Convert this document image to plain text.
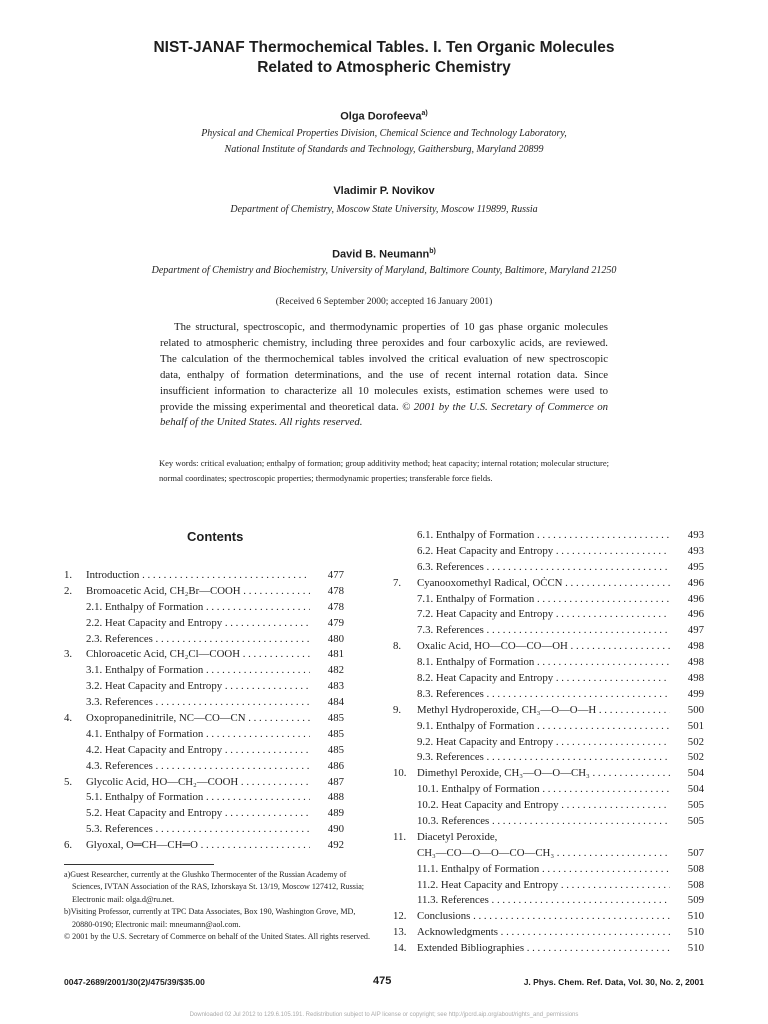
NIST-JANAF Thermochemical Tables. I. Ten Organic Molecules
Related to Atmospheric Chemistry
Olga Dorofeeva$^{a)}$
Physical and Chemical Properties Division, Chemical Science and Technology Laboratory,
National Institute of Standards and Technology, Gaithersburg, Maryland 20899
Vladimir P. Novikov
Department of Chemistry, Moscow State University, Moscow 119899, Russia
David B. Neumann$^{b)}$
Department of Chemistry and Biochemistry, University of Maryland, Baltimore County, Baltimore, Maryland 21250
(Received 6 September 2000; accepted 16 January 2001)
The structural, spectroscopic, and thermodynamic properties of 10 gas phase organic molecules related to atmospheric chemistry, including three peroxides and four carboxylic acids, are reviewed. The calculation of the thermochemical tables involved the critical evaluation of new spectroscopic data, enthalpy of formation determinations, and the use of recent internal rotation data. Since insufficient information to characterize all 10 molecules exists, estimation schemes were used to provide the missing experimental and theoretical data. © 2001 by the U.S. Secretary of Commerce on behalf of the United States. All rights reserved.
Key words: critical evaluation; enthalpy of formation; group additivity method; heat capacity; internal rotation; molecular structure; normal coordinates; spectroscopic properties; thermodynamic properties; transferable force fields.
Contents
1. Introduction . . .	477
2. Bromoacetic Acid, CH₂Br—COOH . . .	478
2.1. Enthalpy of Formation . . .	478
2.2. Heat Capacity and Entropy . . .	479
2.3. References . . .	480
3. Chloroacetic Acid, CH₂Cl—COOH . . .	481
3.1. Enthalpy of Formation . . .	482
3.2. Heat Capacity and Entropy . . .	483
3.3. References . . .	484
4. Oxopropanedinitrile, NC—CO—CN . . .	485
4.1. Enthalpy of Formation . . .	485
4.2. Heat Capacity and Entropy . . .	485
4.3. References . . .	486
5. Glycolic Acid, HO—CH₂—COOH . . .	487
5.1. Enthalpy of Formation . . .	488
5.2. Heat Capacity and Entropy . . .	489
5.3. References . . .	490
6. Glyoxal, O═CH—CH═O . . .	492
6.1. Enthalpy of Formation . . .	493
6.2. Heat Capacity and Entropy . . .	493
6.3. References . . .	495
7. Cyanooxomethyl Radical, OĊCN . . .	496
7.1. Enthalpy of Formation . . .	496
7.2. Heat Capacity and Entropy . . .	496
7.3. References . . .	497
8. Oxalic Acid, HO—CO—CO—OH . . .	498
8.1. Enthalpy of Formation . . .	498
8.2. Heat Capacity and Entropy . . .	498
8.3. References . . .	499
9. Methyl Hydroperoxide, CH₃—O—O—H . . .	500
9.1. Enthalpy of Formation . . .	501
9.2. Heat Capacity and Entropy . . .	502
9.3. References . . .	502
10. Dimethyl Peroxide, CH₃—O—O—CH₃ . . .	504
10.1. Enthalpy of Formation . . .	504
10.2. Heat Capacity and Entropy . . .	505
10.3. References . . .	505
11. Diacetyl Peroxide,
CH₃—CO—O—O—CO—CH₃ . . .	507
11.1. Enthalpy of Formation . . .	508
11.2. Heat Capacity and Entropy . . .	508
11.3. References . . .	509
12. Conclusions . . .	510
13. Acknowledgments . . .	510
14. Extended Bibliographies . . .	510

a)Guest Researcher, currently at the Glushko Thermocenter of the Russian Academy of Sciences, IVTAN Association of the RAS, Izhorskaya St. 13/19, Moscow 127412, Russia; Electronic mail: olga.d@ru.net.

b)Visiting Professor, currently at TPC Data Associates, Box 190, Washington Grove, MD, 20880-0190; Electronic mail: mneumann@aol.com.

© 2001 by the U.S. Secretary of Commerce on behalf of the United States. All rights reserved.

0047-2689/2001/30(2)/475/39/$35.00	475	J. Phys. Chem. Ref. Data, Vol. 30, No. 2, 2001
Downloaded 02 Jul 2012 to 129.6.105.191. Redistribution subject to AIP license or copyright; see http://jpcrd.aip.org/about/rights_and_permissions
